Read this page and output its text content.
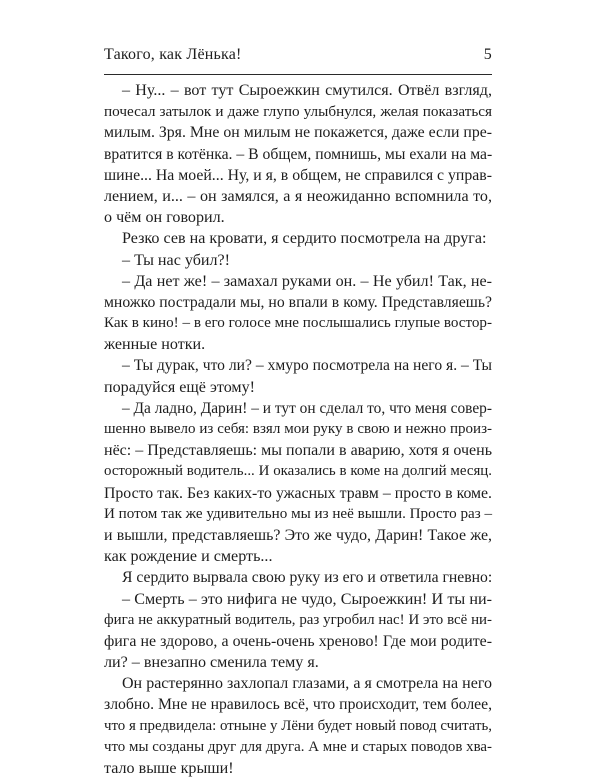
Такого, как Лёнька!	5
– Ну... – вот тут Сыроежкин смутился. Отвёл взгляд,
почесал затылок и даже глупо улыбнулся, желая показаться
милым. Зря. Мне он милым не покажется, даже если пре-
вратится в котёнка. – В общем, помнишь, мы ехали на ма-
шине... На моей... Ну, и я, в общем, не справился с управ-
лением, и... – он замялся, а я неожиданно вспомнила то,
о чём он говорил.
Резко сев на кровати, я сердито посмотрела на друга:
– Ты нас убил?!
– Да нет же! – замахал руками он. – Не убил! Так, не-
множко пострадали мы, но впали в кому. Представляешь?
Как в кино! – в его голосе мне послышались глупые востор-
женные нотки.
– Ты дурак, что ли? – хмуро посмотрела на него я. – Ты
порадуйся ещё этому!
– Да ладно, Дарин! – и тут он сделал то, что меня совер-
шенно вывело из себя: взял мои руку в свою и нежно произ-
нёс: – Представляешь: мы попали в аварию, хотя я очень
осторожный водитель... И оказались в коме на долгий месяц.
Просто так. Без каких-то ужасных травм – просто в коме.
И потом так же удивительно мы из неё вышли. Просто раз –
и вышли, представляешь? Это же чудо, Дарин! Такое же,
как рождение и смерть...
Я сердито вырвала свою руку из его и ответила гневно:
– Смерть – это нифига не чудо, Сыроежкин! И ты ни-
фига не аккуратный водитель, раз угробил нас! И это всё ни-
фига не здорово, а очень-очень хреново! Где мои родите-
ли? – внезапно сменила тему я.
Он растерянно захлопал глазами, а я смотрела на него
злобно. Мне не нравилось всё, что происходит, тем более,
что я предвидела: отныне у Лёни будет новый повод считать,
что мы созданы друг для друга. А мне и старых поводов хва-
тало выше крыши!
